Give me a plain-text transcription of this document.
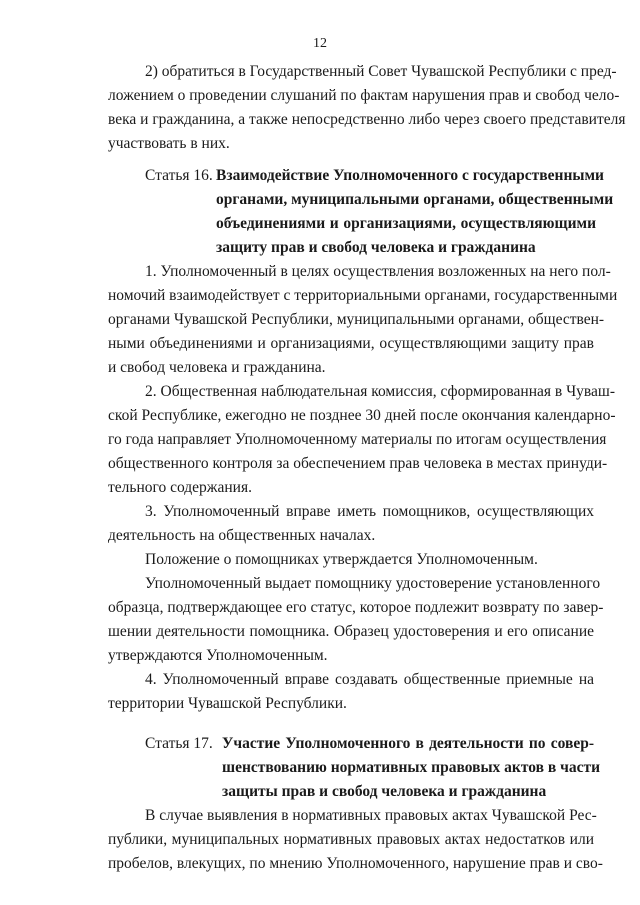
12
2) обратиться в Государственный Совет Чувашской Республики с пред-
ложением о проведении слушаний по фактам нарушения прав и свобод чело-
века и гражданина, а также непосредственно либо через своего представителя
участвовать в них.
Статья 16. Взаимодействие Уполномоченного с государственными
органами, муниципальными органами, общественными
объединениями и организациями, осуществляющими
защиту прав и свобод человека и гражданина
1. Уполномоченный в целях осуществления возложенных на него пол-
номочий взаимодействует с территориальными органами, государственными
органами Чувашской Республики, муниципальными органами, обществен-
ными объединениями и организациями, осуществляющими защиту прав
и свобод человека и гражданина.
2. Общественная наблюдательная комиссия, сформированная в Чуваш-
ской Республике, ежегодно не позднее 30 дней после окончания календарно-
го года направляет Уполномоченному материалы по итогам осуществления
общественного контроля за обеспечением прав человека в местах принуди-
тельного содержания.
3. Уполномоченный вправе иметь помощников, осуществляющих
деятельность на общественных началах.
Положение о помощниках утверждается Уполномоченным.
Уполномоченный выдает помощнику удостоверение установленного
образца, подтверждающее его статус, которое подлежит возврату по завер-
шении деятельности помощника. Образец удостоверения и его описание
утверждаются Уполномоченным.
4. Уполномоченный вправе создавать общественные приемные на
территории Чувашской Республики.
Статья 17. Участие Уполномоченного в деятельности по совер-
шенствованию нормативных правовых актов в части
защиты прав и свобод человека и гражданина
В случае выявления в нормативных правовых актах Чувашской Рес-
публики, муниципальных нормативных правовых актах недостатков или
пробелов, влекущих, по мнению Уполномоченного, нарушение прав и сво-
